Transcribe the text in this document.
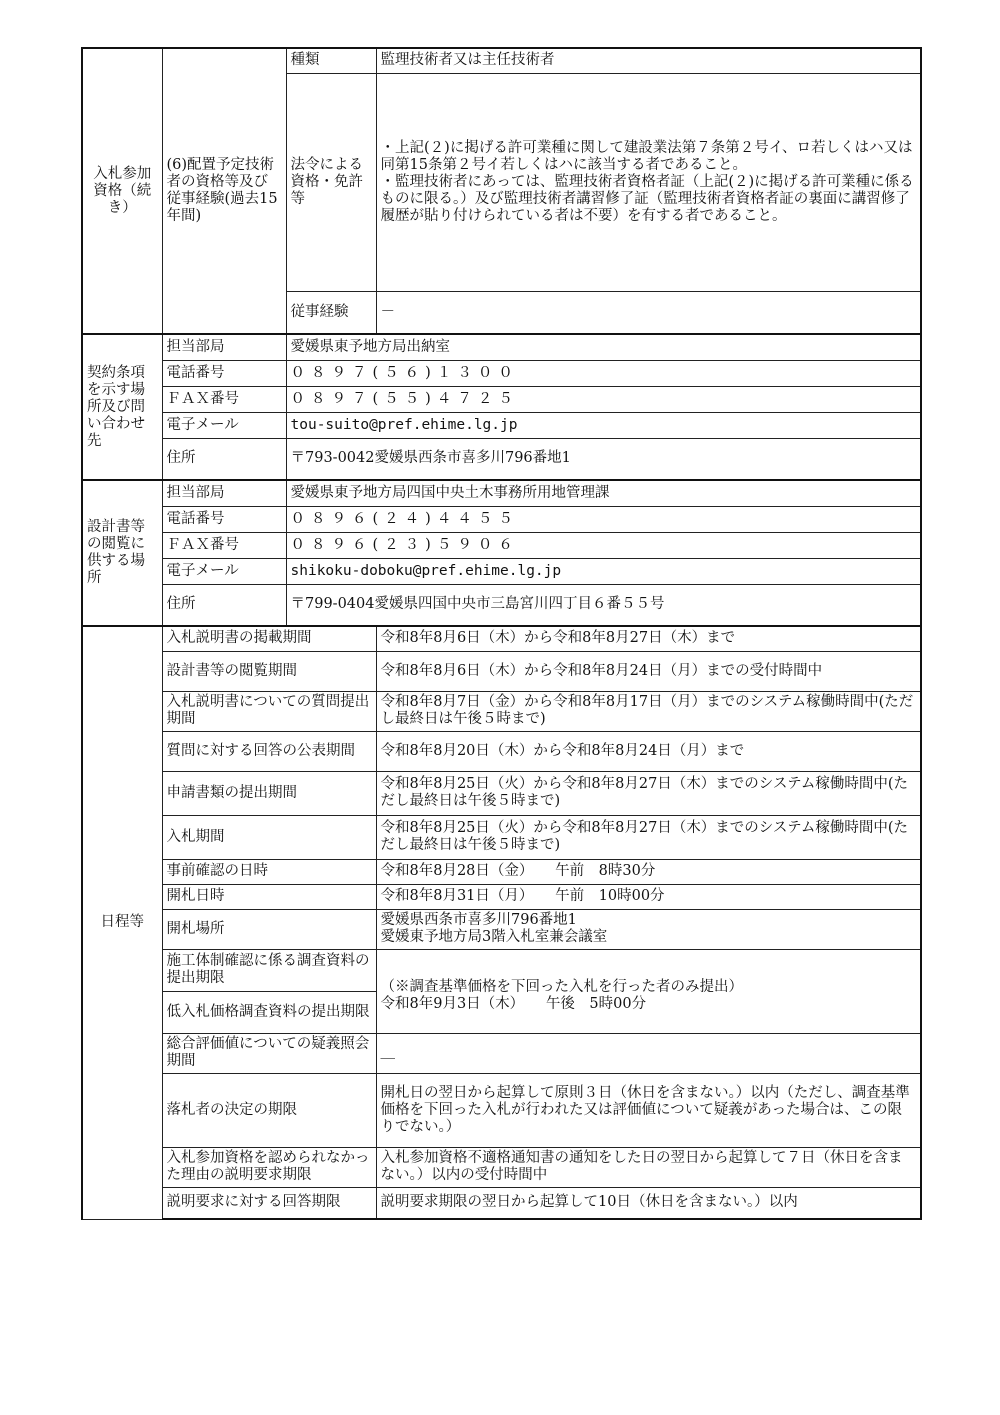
入札参加資格（続き）	(6)配置予定技術者の資格等及び従事経験(過去15年間)	種類	監理技術者又は主任技術者
		法令による資格・免許等	・上記(２)に掲げる許可業種に関して建設業法第７条第２号イ、ロ若しくはハ又は同第15条第２号イ若しくはハに該当する者であること。
・監理技術者にあっては、監理技術者資格者証（上記(２)に掲げる許可業種に係るものに限る。）及び監理技術者講習修了証（監理技術者資格者証の裏面に講習修了履歴が貼り付けられている者は不要）を有する者であること。
		従事経験	－
契約条項を示す場所及び問い合わせ先	担当部局	愛媛県東予地方局出納室	
	電話番号	０８９７(５６)１３００	
	ＦＡＸ番号	０８９７(５５)４７２５	
	電子メール	tou-suito@pref.ehime.lg.jp	
	住所	〒793-0042愛媛県西条市喜多川796番地1	
設計書等の閲覧に供する場所	担当部局	愛媛県東予地方局四国中央土木事務所用地管理課	
	電話番号	０８９６(２４)４４５５	
	ＦＡＸ番号	０８９６(２３)５９０６	
	電子メール	shikoku-doboku@pref.ehime.lg.jp	
	住所	〒799-0404愛媛県四国中央市三島宮川四丁目６番５５号	
日程等	入札説明書の掲載期間		令和8年8月6日（木）から令和8年8月27日（木）まで
	設計書等の閲覧期間		令和8年8月6日（木）から令和8年8月24日（月）までの受付時間中
	入札説明書についての質問提出期間		令和8年8月7日（金）から令和8年8月17日（月）までのシステム稼働時間中(ただし最終日は午後５時まで)
	質問に対する回答の公表期間		令和8年8月20日（木）から令和8年8月24日（月）まで
	申請書類の提出期間		令和8年8月25日（火）から令和8年8月27日（木）までのシステム稼働時間中(ただし最終日は午後５時まで)
	入札期間		令和8年8月25日（火）から令和8年8月27日（木）までのシステム稼働時間中(ただし最終日は午後５時まで)
	事前確認の日時		令和8年8月28日（金）　　午前　8時30分
	開札日時		令和8年8月31日（月）　　午前　10時00分
	開札場所		愛媛県西条市喜多川796番地1
愛媛東予地方局3階入札室兼会議室
	施工体制確認に係る調査資料の提出期限		（※調査基準価格を下回った入札を行った者のみ提出）
令和8年9月3日（木）　　午後　5時00分
	低入札価格調査資料の提出期限		
	総合評価値についての疑義照会期間		＿
	落札者の決定の期限		開札日の翌日から起算して原則３日（休日を含まない。）以内（ただし、調査基準価格を下回った入札が行われた又は評価値について疑義があった場合は、この限りでない。）
	入札参加資格を認められなかった理由の説明要求期限		入札参加資格不適格通知書の通知をした日の翌日から起算して７日（休日を含まない。）以内の受付時間中
	説明要求に対する回答期限		説明要求期限の翌日から起算して10日（休日を含まない。）以内
